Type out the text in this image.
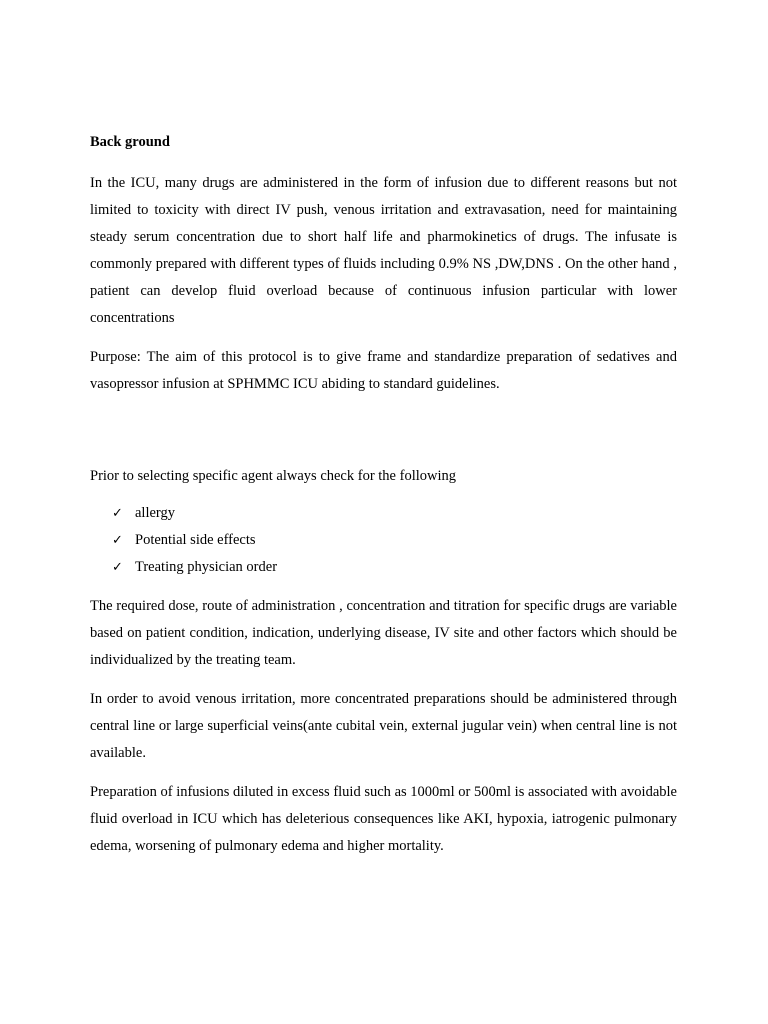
Back ground

In the ICU, many drugs are administered in the form of infusion due to different reasons but not limited to toxicity with direct IV push, venous irritation and extravasation, need for maintaining steady serum concentration due to short half life and pharmokinetics of drugs. The infusate is commonly prepared with different types of fluids including 0.9% NS ,DW,DNS . On the other hand , patient can develop fluid overload because of continuous infusion particular with lower concentrations

Purpose: The aim of this protocol is to give frame and standardize preparation of sedatives and vasopressor infusion at SPHMMC ICU abiding to standard guidelines.

Prior to selecting specific agent always check for the following

✓ allergy
✓ Potential side effects
✓ Treating physician order

The required dose, route of administration , concentration and titration for specific drugs are variable based on patient condition, indication, underlying disease, IV site and other factors which should be individualized by the treating team.

In order to avoid venous irritation, more concentrated preparations should be administered through central line or large superficial veins(ante cubital vein, external jugular vein) when central line is not available.

Preparation of infusions diluted in excess fluid such as 1000ml or 500ml is associated with avoidable fluid overload in ICU which has deleterious consequences like AKI, hypoxia, iatrogenic pulmonary edema, worsening of pulmonary edema and higher mortality.
